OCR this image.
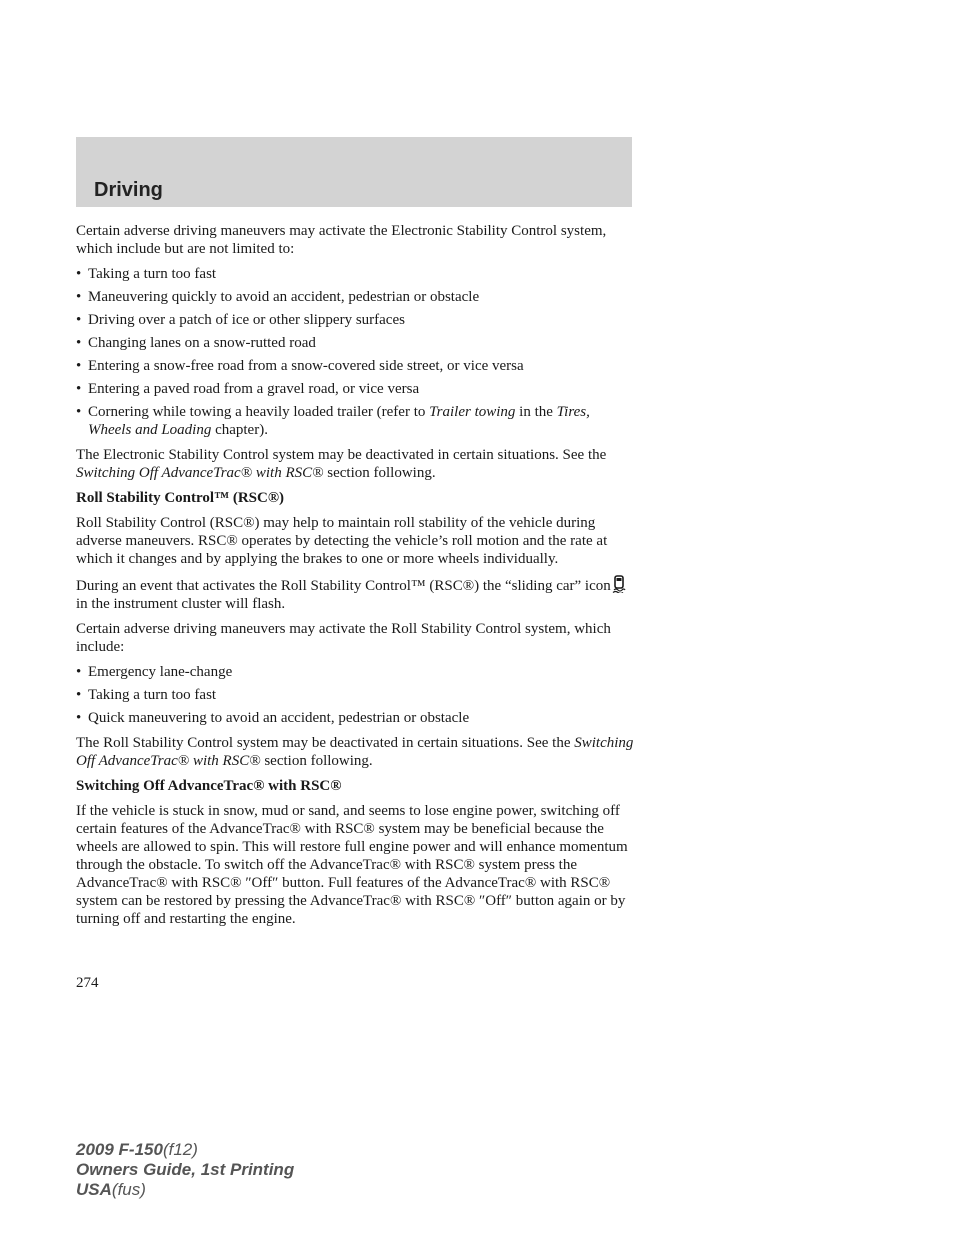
Driving

Certain adverse driving maneuvers may activate the Electronic Stability Control system, which include but are not limited to:

• Taking a turn too fast
• Maneuvering quickly to avoid an accident, pedestrian or obstacle
• Driving over a patch of ice or other slippery surfaces
• Changing lanes on a snow-rutted road
• Entering a snow-free road from a snow-covered side street, or vice versa
• Entering a paved road from a gravel road, or vice versa
• Cornering while towing a heavily loaded trailer (refer to Trailer towing in the Tires, Wheels and Loading chapter).

The Electronic Stability Control system may be deactivated in certain situations. See the Switching Off AdvanceTrac® with RSC® section following.

Roll Stability Control™ (RSC®)

Roll Stability Control (RSC®) may help to maintain roll stability of the vehicle during adverse maneuvers. RSC® operates by detecting the vehicle’s roll motion and the rate at which it changes and by applying the brakes to one or more wheels individually.

During an event that activates the Roll Stability Control™ (RSC®) the “sliding car” icon in the instrument cluster will flash.

Certain adverse driving maneuvers may activate the Roll Stability Control system, which include:

• Emergency lane-change
• Taking a turn too fast
• Quick maneuvering to avoid an accident, pedestrian or obstacle

The Roll Stability Control system may be deactivated in certain situations. See the Switching Off AdvanceTrac® with RSC® section following.

Switching Off AdvanceTrac® with RSC®

If the vehicle is stuck in snow, mud or sand, and seems to lose engine power, switching off certain features of the AdvanceTrac® with RSC® system may be beneficial because the wheels are allowed to spin. This will restore full engine power and will enhance momentum through the obstacle. To switch off the AdvanceTrac® with RSC® system press the AdvanceTrac® with RSC® ″Off″ button. Full features of the AdvanceTrac® with RSC® system can be restored by pressing the AdvanceTrac® with RSC® ″Off″ button again or by turning off and restarting the engine.

274
2009 F-150(f12)
Owners Guide, 1st Printing
USA(fus)
